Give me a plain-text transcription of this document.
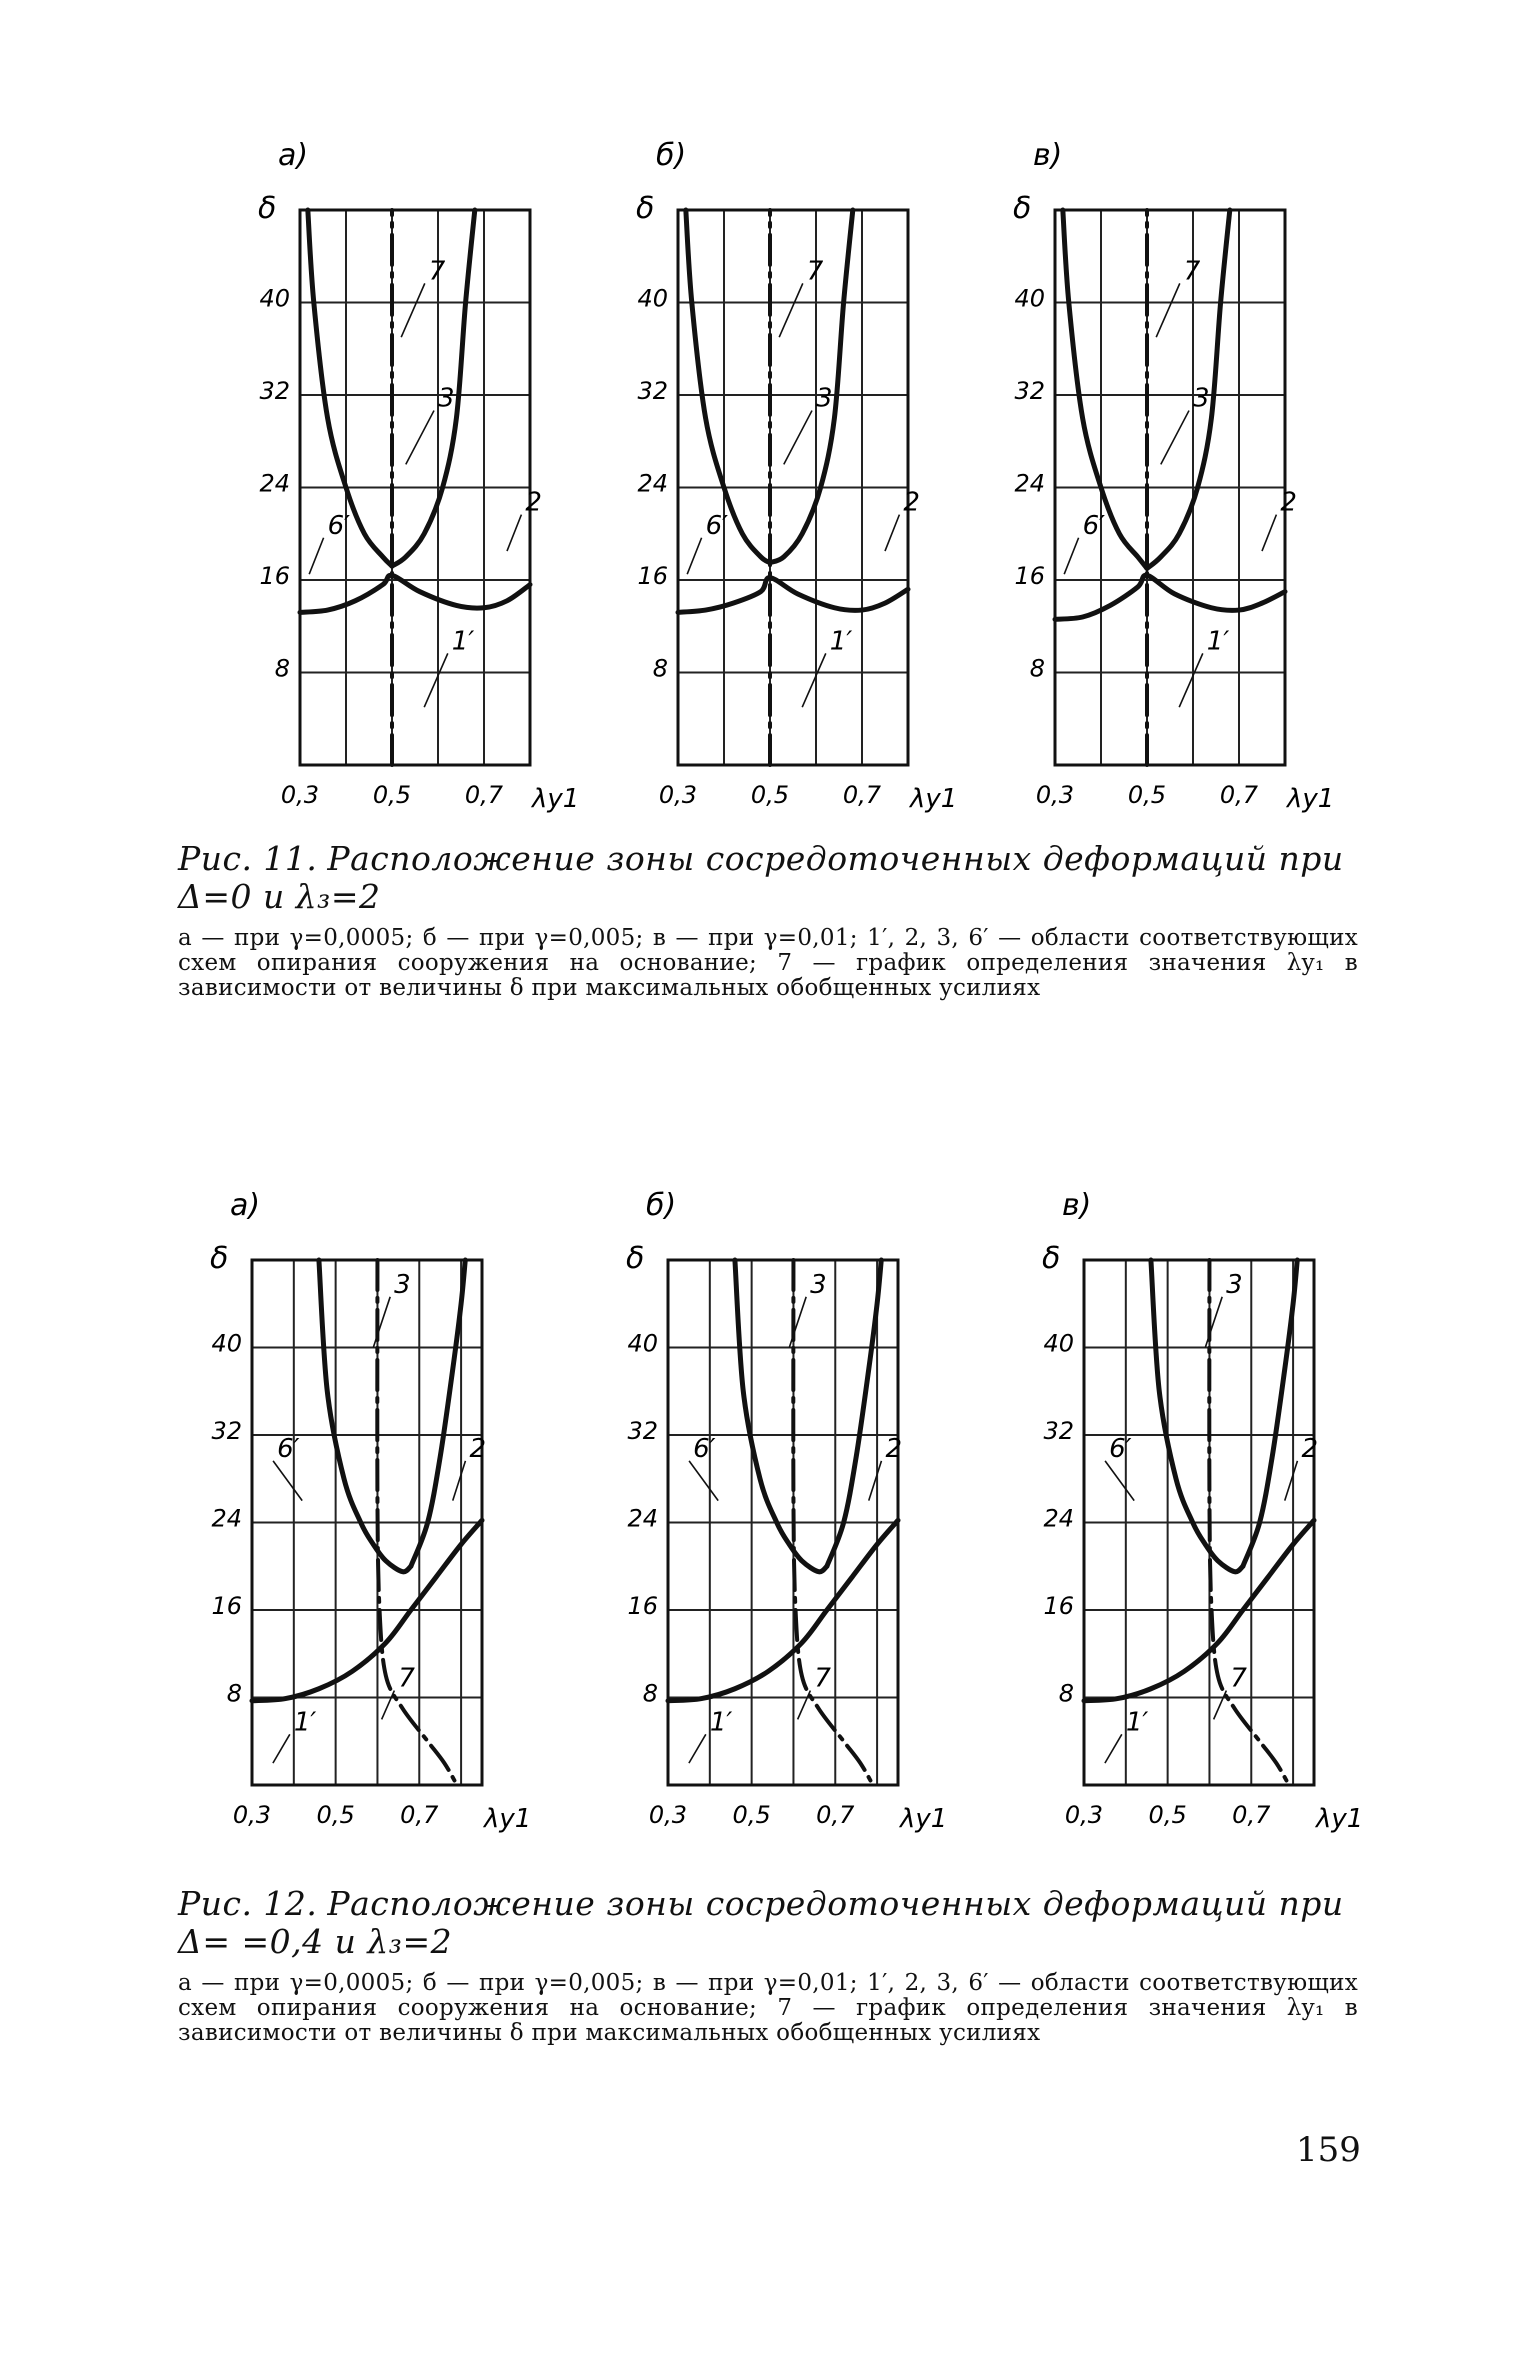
а)
δ
8
16
24
32
40
0,3 0,5 0,7 λy1
7
3
6′
2
1′
б)
δ
8
16
24
32
40
0,3 0,5 0,7 λy1
7
3
6′
2
1′
в)
δ
8
16
24
32
40
0,3 0,5 0,7 λy1
7
3
6′
2
1′
Рис. 11. Расположение зоны сосредоточенных деформаций при Δ=0 и λ₃=2
а — при γ=0,0005; б — при γ=0,005; в — при γ=0,01; 1′, 2, 3, 6′ — области соответствующих схем опирания сооружения на основание; 7 — график определения значения λy₁ в зависимости от величины δ при максимальных обобщенных усилиях
а)
δ
8
16
24
32
40
0,3 0,5 0,7 λy1
3
6′	2
7
1′
б)
δ
8
16
24
32
40
0,3 0,5 0,7 λy1
3
6′	2
7
1′
в)
δ
8
16
24
32
40
0,3 0,5 0,7 λy1
3
6′	2
7
1′
Рис. 12. Расположение зоны сосредоточенных деформаций при Δ= =0,4 и λ₃=2
а — при γ=0,0005; б — при γ=0,005; в — при γ=0,01; 1′, 2, 3, 6′ — области соответствующих схем опирания сооружения на основание; 7 — график определения значения λy₁ в зависимости от величины δ при максимальных обобщенных усилиях
159
